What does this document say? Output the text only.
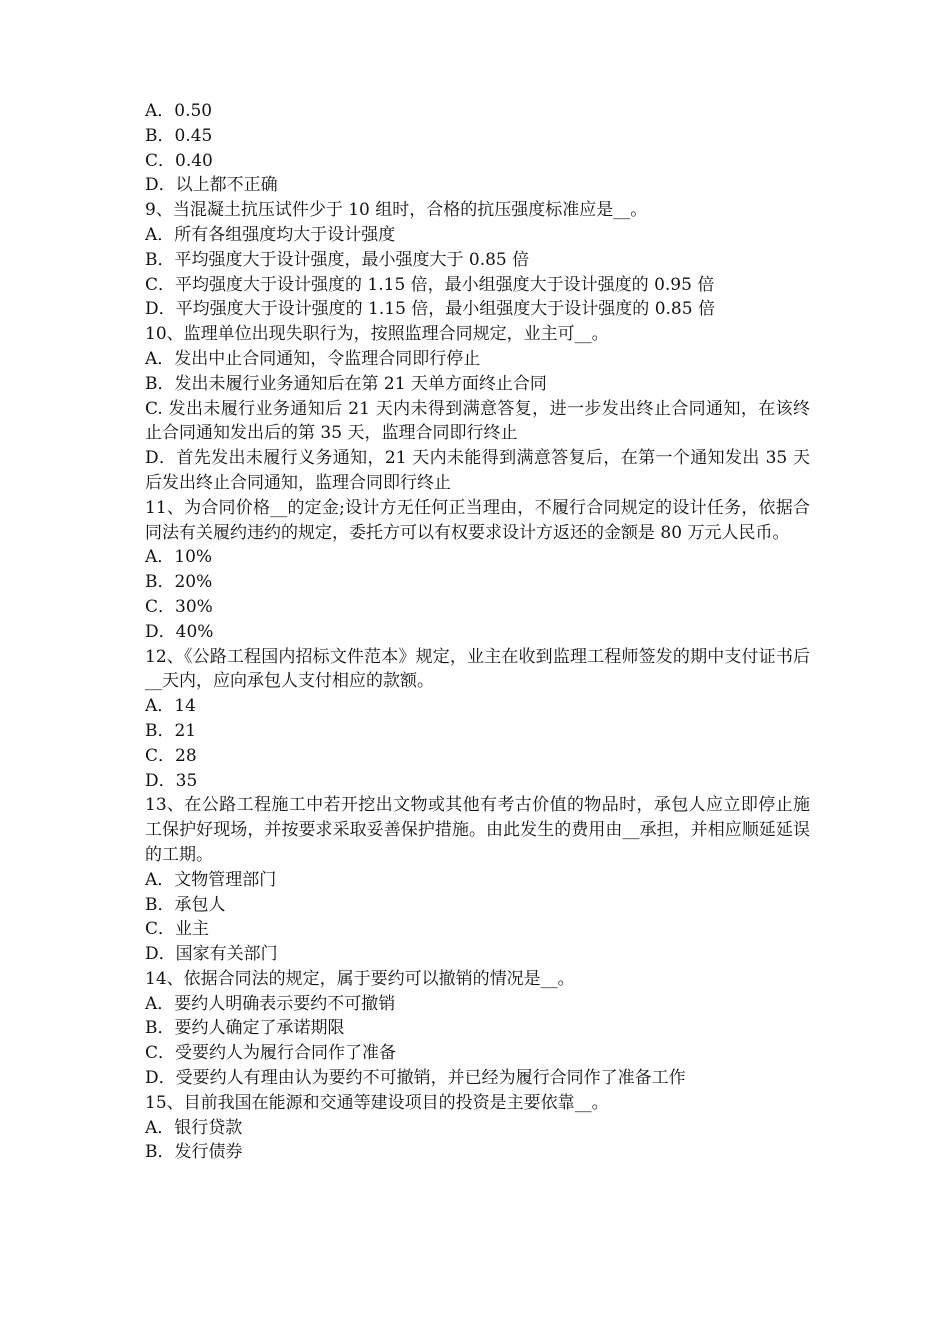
A．0.50
B．0.45
C．0.40
D．以上都不正确
9、当混凝土抗压试件少于 10 组时，合格的抗压强度标准应是__。
A．所有各组强度均大于设计强度
B．平均强度大于设计强度，最小强度大于 0.85 倍
C．平均强度大于设计强度的 1.15 倍，最小组强度大于设计强度的 0.95 倍
D．平均强度大于设计强度的 1.15 倍，最小组强度大于设计强度的 0.85 倍
10、监理单位出现失职行为，按照监理合同规定，业主可__。
A．发出中止合同通知，令监理合同即行停止
B．发出未履行业务通知后在第 21 天单方面终止合同
C. 发出未履行业务通知后 21 天内未得到满意答复，进一步发出终止合同通知，在该终止合同通知发出后的第 35 天，监理合同即行终止
D．首先发出未履行义务通知，21 天内未能得到满意答复后，在第一个通知发出 35 天后发出终止合同通知，监理合同即行终止
11、为合同价格__的定金;设计方无任何正当理由，不履行合同规定的设计任务，依据合同法有关履约违约的规定，委托方可以有权要求设计方返还的金额是 80 万元人民币。
A．10%
B．20%
C．30%
D．40%
12、《公路工程国内招标文件范本》规定，业主在收到监理工程师签发的期中支付证书后__天内，应向承包人支付相应的款额。
A．14
B．21
C．28
D．35
13、在公路工程施工中若开挖出文物或其他有考古价值的物品时，承包人应立即停止施工保护好现场，并按要求采取妥善保护措施。由此发生的费用由__承担，并相应顺延延误的工期。
A．文物管理部门
B．承包人
C．业主
D．国家有关部门
14、依据合同法的规定，属于要约可以撤销的情况是__。
A．要约人明确表示要约不可撤销
B．要约人确定了承诺期限
C．受要约人为履行合同作了准备
D．受要约人有理由认为要约不可撤销，并已经为履行合同作了准备工作
15、目前我国在能源和交通等建设项目的投资是主要依靠__。
A．银行贷款
B．发行债券
